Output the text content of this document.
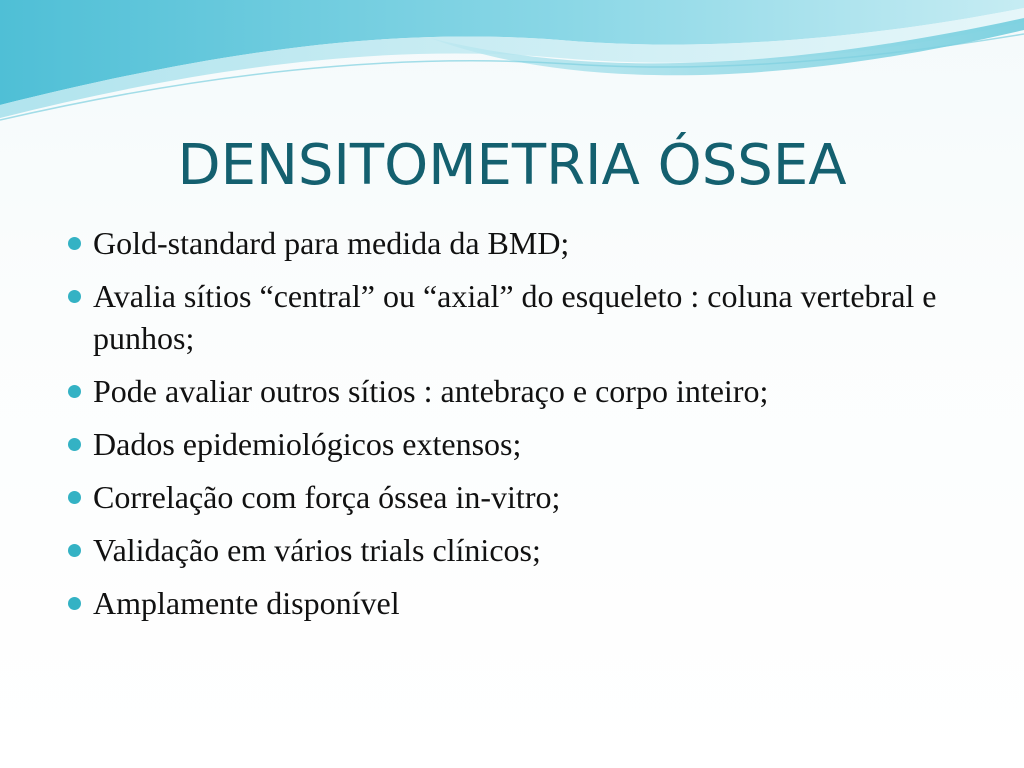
DENSITOMETRIA ÓSSEA
Gold-standard para medida da BMD;
Avalia sítios “central” ou “axial” do esqueleto : coluna vertebral e punhos;
Pode avaliar outros sítios : antebraço e corpo inteiro;
Dados epidemiológicos extensos;
Correlação com força óssea in-vitro;
Validação em vários trials clínicos;
Amplamente disponível
